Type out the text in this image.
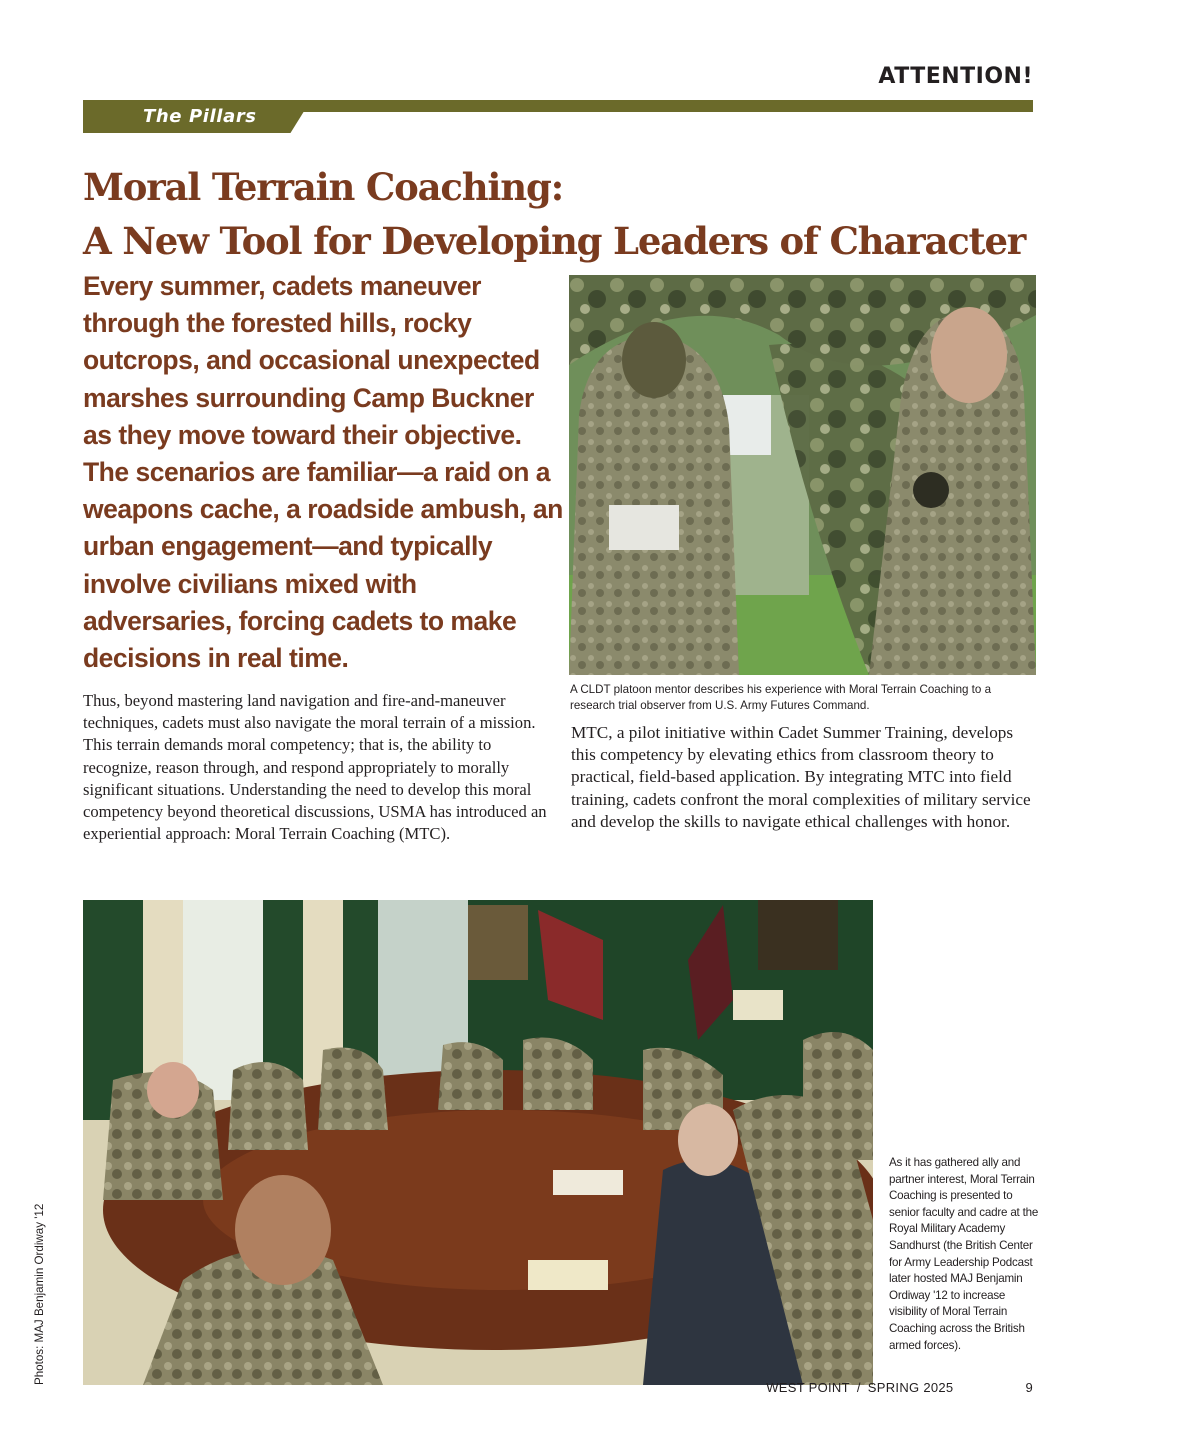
ATTENTION!
The Pillars
Moral Terrain Coaching:
A New Tool for Developing Leaders of Character

Every summer, cadets maneuver through the forested hills, rocky outcrops, and occasional unexpected marshes surrounding Camp Buckner as they move toward their objective. The scenarios are familiar—a raid on a weapons cache, a roadside ambush, an urban engagement—and typically involve civilians mixed with adversaries, forcing cadets to make decisions in real time.

A CLDT platoon mentor describes his experience with Moral Terrain Coaching to a research trial observer from U.S. Army Futures Command.

Thus, beyond mastering land navigation and fire-and-maneuver techniques, cadets must also navigate the moral terrain of a mission. This terrain demands moral competency; that is, the ability to recognize, reason through, and respond appropriately to morally significant situations. Understanding the need to develop this moral competency beyond theoretical discussions, USMA has introduced an experiential approach: Moral Terrain Coaching (MTC).

MTC, a pilot initiative within Cadet Summer Training, develops this competency by elevating ethics from classroom theory to practical, field-based application. By integrating MTC into field training, cadets confront the moral complexities of military service and develop the skills to navigate ethical challenges with honor.

As it has gathered ally and partner interest, Moral Terrain Coaching is presented to senior faculty and cadre at the Royal Military Academy Sandhurst (the British Center for Army Leadership Podcast later hosted MAJ Benjamin Ordiway '12 to increase visibility of Moral Terrain Coaching across the British armed forces).

Photos: MAJ Benjamin Ordiway '12
WEST POINT / SPRING 2025	9
